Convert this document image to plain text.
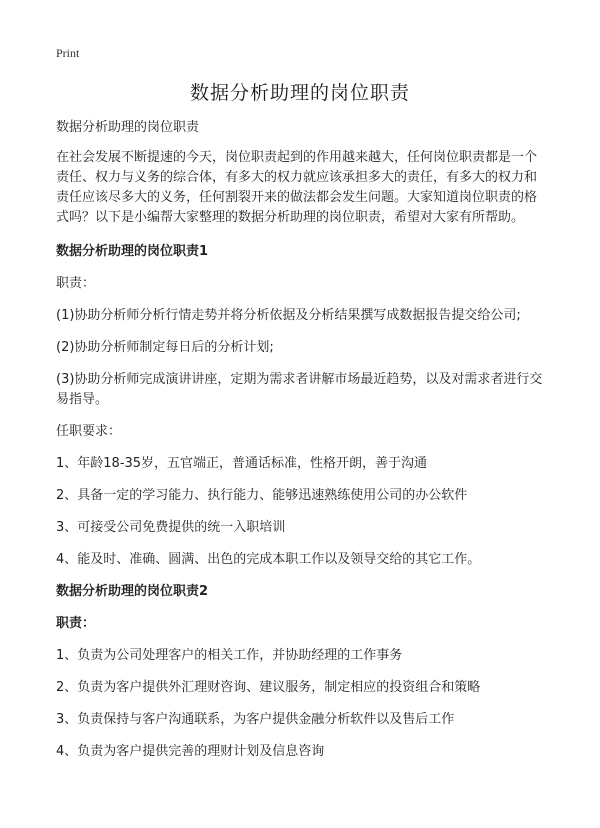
Print
数据分析助理的岗位职责

数据分析助理的岗位职责

在社会发展不断提速的今天，岗位职责起到的作用越来越大，任何岗位职责都是一个责任、权力与义务的综合体，有多大的权力就应该承担多大的责任，有多大的权力和责任应该尽多大的义务，任何割裂开来的做法都会发生问题。大家知道岗位职责的格式吗？以下是小编帮大家整理的数据分析助理的岗位职责，希望对大家有所帮助。

数据分析助理的岗位职责1

职责：

(1)协助分析师分析行情走势并将分析依据及分析结果撰写成数据报告提交给公司;

(2)协助分析师制定每日后的分析计划;

(3)协助分析师完成演讲讲座，定期为需求者讲解市场最近趋势，以及对需求者进行交易指导。

任职要求：

1、年龄18-35岁，五官端正，普通话标准，性格开朗，善于沟通

2、具备一定的学习能力、执行能力、能够迅速熟练使用公司的办公软件

3、可接受公司免费提供的统一入职培训

4、能及时、准确、圆满、出色的完成本职工作以及领导交给的其它工作。

数据分析助理的岗位职责2

职责：

1、负责为公司处理客户的相关工作，并协助经理的工作事务

2、负责为客户提供外汇理财咨询、建议服务，制定相应的投资组合和策略

3、负责保持与客户沟通联系，为客户提供金融分析软件以及售后工作

4、负责为客户提供完善的理财计划及信息咨询
